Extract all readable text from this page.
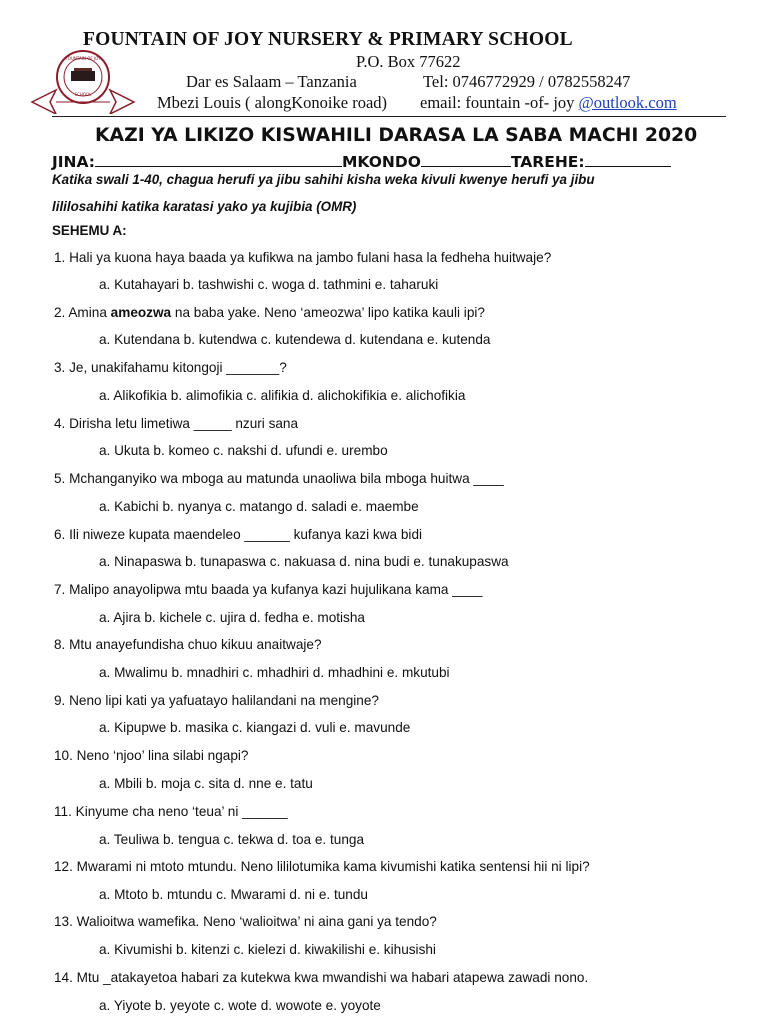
FOUNTAIN OF JOY NURSERY & PRIMARY SCHOOL
FOUNTAIN OF JOY
SCHOOL
P.O. Box 77622
Dar es Salaam – Tanzania	Tel: 0746772929 / 0782558247
Mbezi Louis ( alongKonoike road) email: fountain -of- joy @outlook.com
KAZI YA LIKIZO KISWAHILI DARASA LA SABA MACHI 2020
JINA:	MKONDO	TAREHE:
Katika swali 1-40, chagua herufi ya jibu sahihi kisha weka kivuli kwenye herufi ya jibu
lililosahihi katika karatasi yako ya kujibia (OMR)
SEHEMU A:
1. Hali ya kuona haya baada ya kufikwa na jambo fulani hasa la fedheha huitwaje?
a. Kutahayari b. tashwishi c. woga d. tathmini e. taharuki
2. Amina ameozwa na baba yake. Neno ‘ameozwa’ lipo katika kauli ipi?
a. Kutendana b. kutendwa c. kutendewa d. kutendana e. kutenda
3. Je, unakifahamu kitongoji _______?
a. Alikofikia b. alimofikia c. alifikia d. alichokifikia e. alichofikia
4. Dirisha letu limetiwa _____ nzuri sana
a. Ukuta b. komeo c. nakshi d. ufundi e. urembo
5. Mchanganyiko wa mboga au matunda unaoliwa bila mboga huitwa ____
a. Kabichi b. nyanya c. matango d. saladi e. maembe
6. Ili niweze kupata maendeleo ______ kufanya kazi kwa bidi
a. Ninapaswa b. tunapaswa c. nakuasa d. nina budi e. tunakupaswa
7. Malipo anayolipwa mtu baada ya kufanya kazi hujulikana kama ____
a. Ajira b. kichele c. ujira d. fedha e. motisha
8. Mtu anayefundisha chuo kikuu anaitwaje?
a. Mwalimu b. mnadhiri c. mhadhiri d. mhadhini e. mkutubi
9. Neno lipi kati ya yafuatayo halilandani na mengine?
a. Kipupwe b. masika c. kiangazi d. vuli e. mavunde
10. Neno ‘njoo’ lina silabi ngapi?
a. Mbili b. moja c. sita d. nne e. tatu
11. Kinyume cha neno ‘teua’ ni ______
a. Teuliwa b. tengua c. tekwa d. toa e. tunga
12. Mwarami ni mtoto mtundu. Neno lililotumika kama kivumishi katika sentensi hii ni lipi?
a. Mtoto b. mtundu c. Mwarami d. ni e. tundu
13. Walioitwa wamefika. Neno ‘walioitwa’ ni aina gani ya tendo?
a. Kivumishi b. kitenzi c. kielezi d. kiwakilishi e. kihusishi
14. Mtu _atakayetoa habari za kutekwa kwa mwandishi wa habari atapewa zawadi nono.
a. Yiyote b. yeyote c. wote d. wowote e. yoyote
